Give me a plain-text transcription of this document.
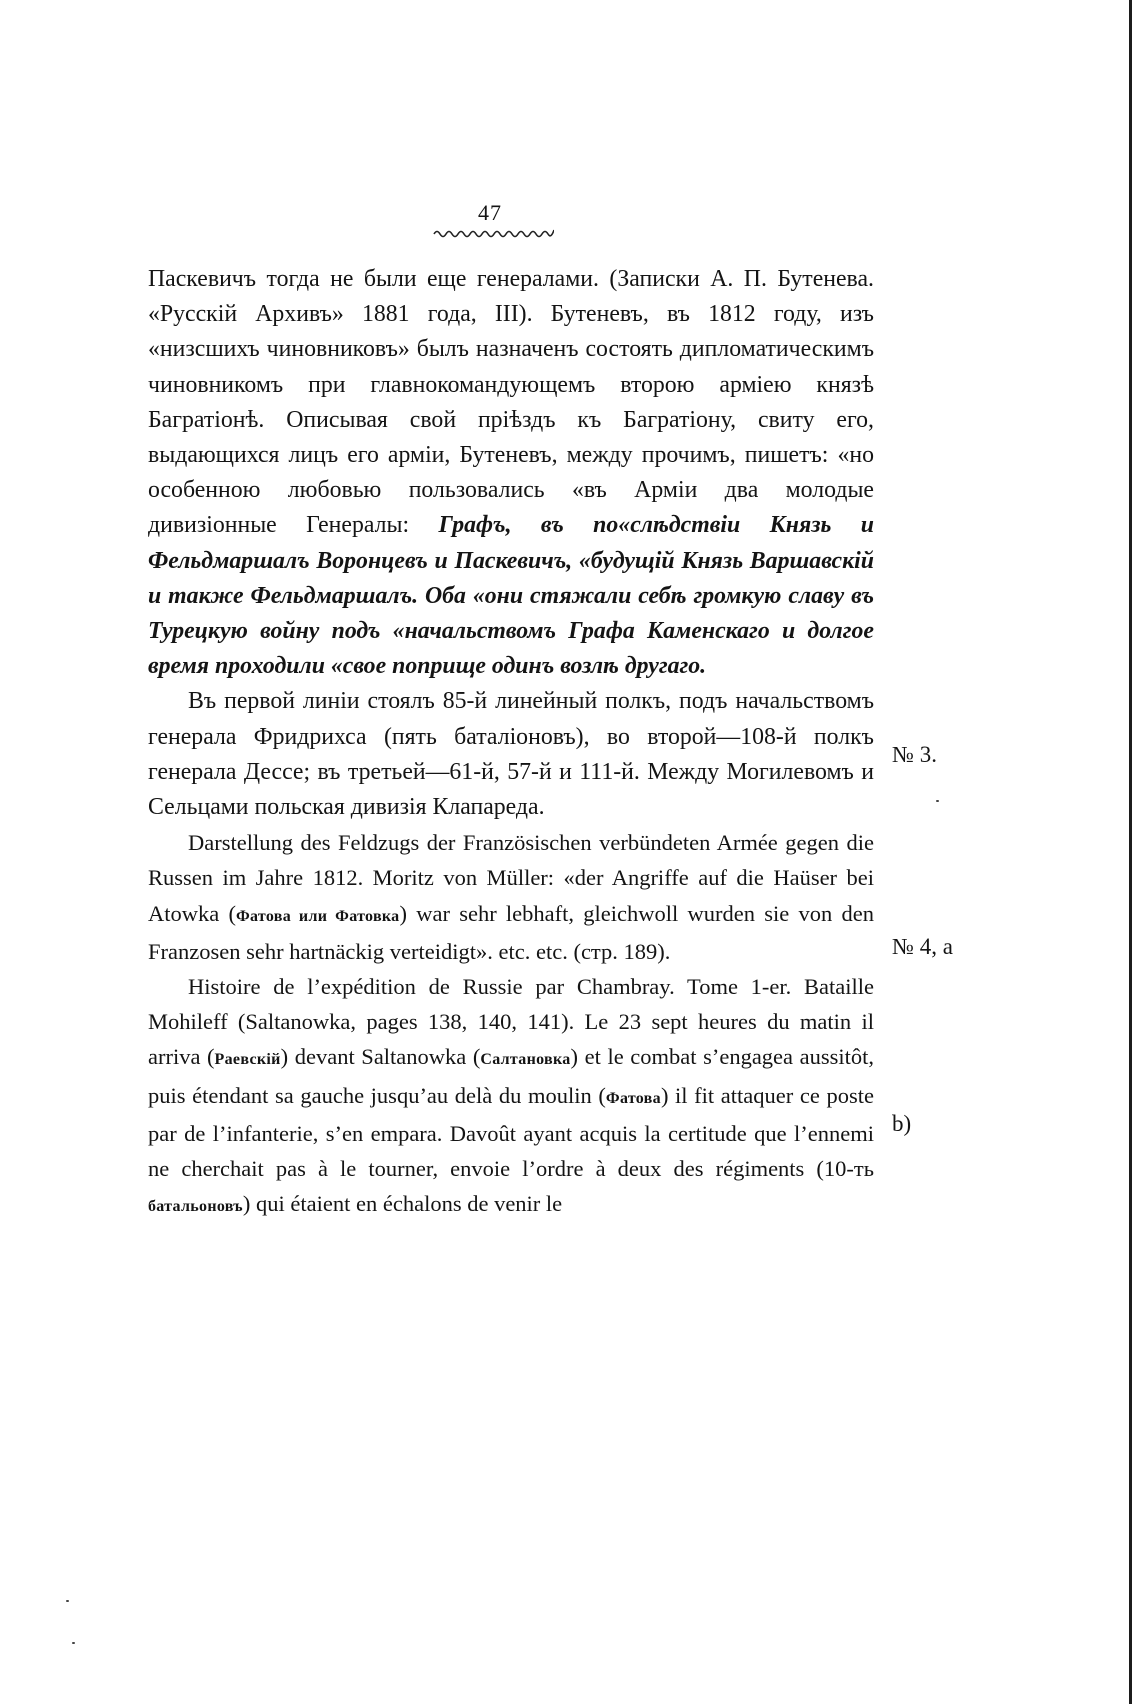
47

Паскевичъ тогда не были еще генералами. (Записки А. П. Бутенева. «Русскій Архивъ» 1881 года, III). Бутеневъ, въ 1812 году, изъ «низсшихъ чиновниковъ» былъ назначенъ состоять дипломатическимъ чиновникомъ при главнокомандующемъ второю арміею князѣ Багратіонѣ. Описывая свой пріѣздъ къ Багратіону, свиту его, выдающихся лицъ его арміи, Бутеневъ, между прочимъ, пишетъ: «но особенною любовью пользовались «въ Арміи два молодые дивизіонные Генералы: Графъ, въ по«слѣдствіи Князь и Фельдмаршалъ Воронцевъ и Паскевичъ, «будущій Князь Варшавскій и также Фельдмаршалъ. Оба «они стяжали себѣ громкую славу въ Турецкую войну подъ «начальствомъ Графа Каменскаго и долгое время проходили «свое поприще одинъ возлѣ другаго.

Въ первой линіи стоялъ 85-й линейный полкъ, подъ начальствомъ генерала Фридрихса (пять баталіоновъ), во второй—108-й полкъ генерала Дессе; въ третьей—61-й, 57-й и 111-й. Между Могилевомъ и Сельцами польская дивизія Клапареда.

Darstellung des Feldzugs der Französischen verbündeten Armée gegen die Russen im Jahre 1812. Moritz von Müller: «der Angriffe auf die Haüser bei Atowka (Фатова или Фатовка) war sehr lebhaft, gleichwoll wurden sie von den Franzosen sehr hartnäckig verteidigt». etc. etc. (стр. 189).

Histoire de l’expédition de Russie par Chambray. Tome 1-er. Bataille Mohileff (Saltanowka, pages 138, 140, 141). Le 23 sept heures du matin il arriva (Раевскій) devant Saltanowka (Салтановка) et le combat s’engagea aussitôt, puis étendant sa gauche jusqu’au delà du moulin (Фатова) il fit attaquer ce poste par de l’infanterie, s’en empara. Davoût ayant acquis la certitude que l’ennemi ne cherchait pas à le tourner, envoie l’ordre à deux des régiments (10-ть батальоновъ) qui étaient en échalons de venir le

№ 3.
№ 4, a
b)
